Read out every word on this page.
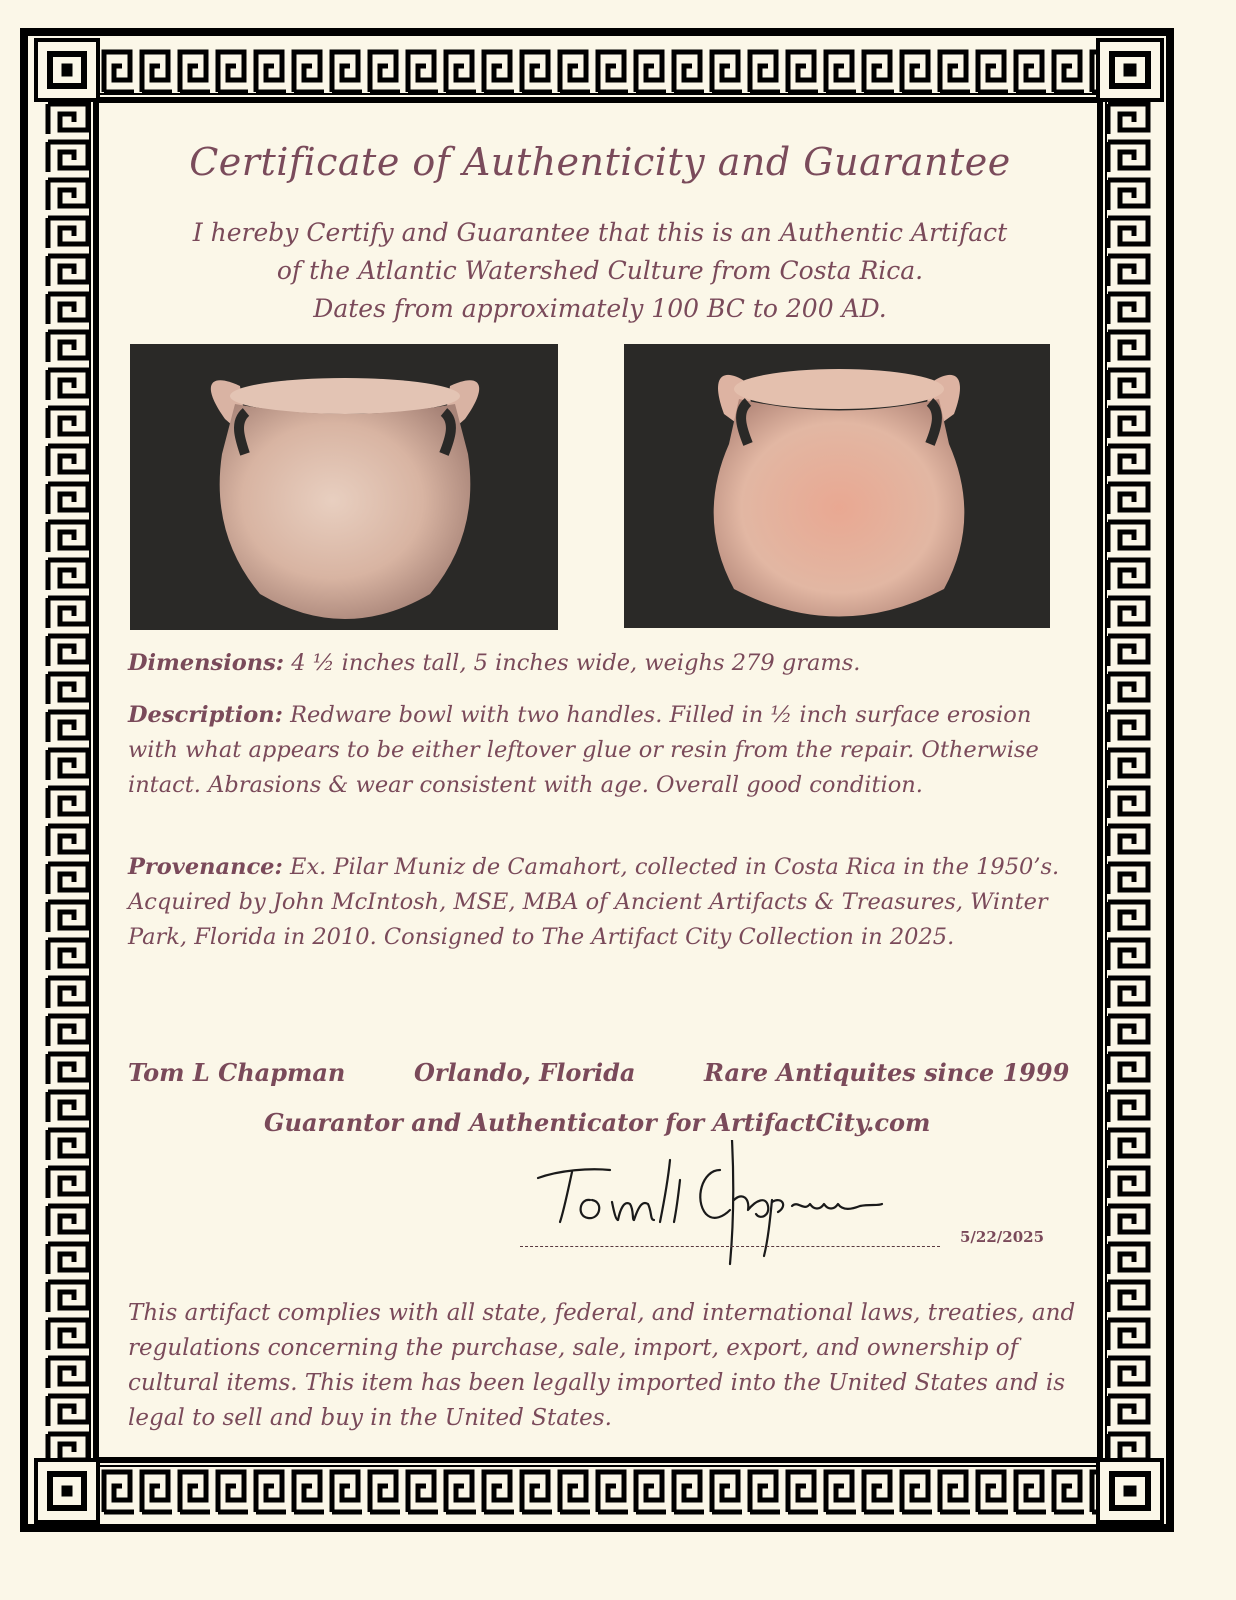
Certificate of Authenticity and Guarantee
I hereby Certify and Guarantee that this is an Authentic Artifact
of the Atlantic Watershed Culture from Costa Rica.
Dates from approximately 100 BC to 200 AD.
Dimensions: 4 ½ inches tall, 5 inches wide, weighs 279 grams.
Description: Redware bowl with two handles. Filled in ½ inch surface erosion with what appears to be either leftover glue or resin from the repair. Otherwise intact. Abrasions & wear consistent with age. Overall good condition.
Provenance: Ex. Pilar Muniz de Camahort, collected in Costa Rica in the 1950’s. Acquired by John McIntosh, MSE, MBA of Ancient Artifacts & Treasures, Winter Park, Florida in 2010. Consigned to The Artifact City Collection in 2025.
Tom L Chapman	Orlando, Florida	Rare Antiquites since 1999
Guarantor and Authenticator for ArtifactCity.com
5/22/2025
This artifact complies with all state, federal, and international laws, treaties, and regulations concerning the purchase, sale, import, export, and ownership of cultural items. This item has been legally imported into the United States and is legal to sell and buy in the United States.
